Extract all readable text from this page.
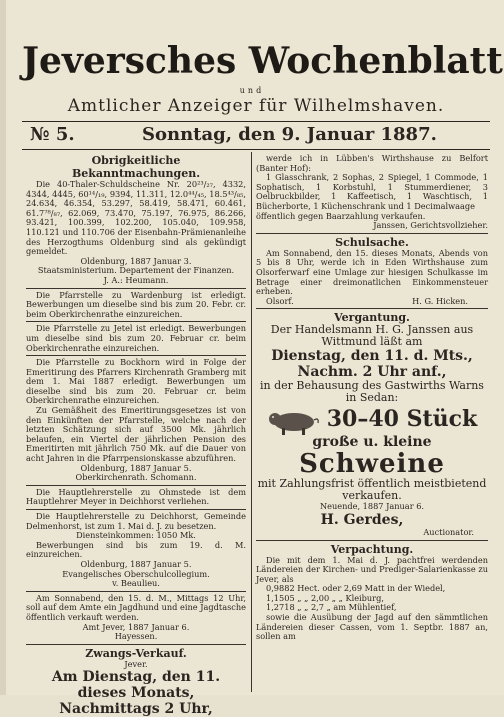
Jeversches Wochenblatt
und
Amtlicher Anzeiger für Wilhelmshaven.
№ 5.	Sonntag, den 9. Januar 1887.
Obrigkeitliche Bekanntmachungen.
Die 40-Thaler-Schuldscheine Nr. 20²³/₂₇, 4332, 4344, 4445, 60¹⁴/₁₉, 9394, 11.311, 12.0⁴⁴/₄₅, 18.5⁴³/₈₅, 24.634, 46.354, 53.297, 58.419, 58.471, 60.461, 61.7⁷⁸/₈₇, 62.069, 73.470, 75.197, 76.975, 86.266, 93.421, 100.399, 102.200, 105.040, 109.958, 110.121 und 110.706 der Eisenbahn-Prämienanleihe des Herzogthums Oldenburg sind als gekündigt gemeldet.
Oldenburg, 1887 Januar 3.
Staatsministerium. Departement der Finanzen.
J. A.: Heumann.
Die Pfarrstelle zu Wardenburg ist erledigt. Bewerbungen um dieselbe sind bis zum 20. Febr. cr. beim Oberkirchenrathe einzureichen.
Die Pfarrstelle zu Jetel ist erledigt. Bewerbungen um dieselbe sind bis zum 20. Februar cr. beim Oberkirchenrathe einzureichen.
Die Pfarrstelle zu Bockhorn wird in Folge der Emeritirung des Pfarrers Kirchenrath Gramberg mit dem 1. Mai 1887 erledigt. Bewerbungen um dieselbe sind bis zum 20. Februar cr. beim Oberkirchenrathe einzureichen.
Zu Gemäßheit des Emeritirungsgesetzes ist von den Einkünften der Pfarrstelle, welche nach der letzten Schätzung sich auf 3500 Mk. jährlich belaufen, ein Viertel der jährlichen Pension des Emeritirten mit jährlich 750 Mk. auf die Dauer von acht Jahren in die Pfarrpensionskasse abzuführen.
Oldenburg, 1887 Januar 5.
Oberkirchenrath. Schomann.
Die Hauptlehrerstelle zu Ohmstede ist dem Hauptlehrer Meyer in Deichhorst verliehen.
Die Hauptlehrerstelle zu Deichhorst, Gemeinde Delmenhorst, ist zum 1. Mai d. J. zu besetzen.
Diensteinkommen: 1050 Mk.
Bewerbungen sind bis zum 19. d. M. einzureichen.
Oldenburg, 1887 Januar 5.
Evangelisches Oberschulcollegium.
v. Beaulieu.
Am Sonnabend, den 15. d. M., Mittags 12 Uhr, soll auf dem Amte ein Jagdhund und eine Jagdtasche öffentlich verkauft werden.
Amt Jever, 1887 Januar 6.
Hayessen.
Zwangs-Verkauf.
Jever.
Am Dienstag, den 11. dieses Monats, Nachmittags 2 Uhr,
werde ich in Lübben's Wirthshause zu Belfort (Banter Hof):
1 Glasschrank, 2 Sophas, 2 Spiegel, 1 Commode, 1 Sophatisch, 1 Korbstuhl, 1 Stummerdiener, 3 Oelbruckbilder, 1 Kaffeetisch, 1 Waschtisch, 1 Bücherborte, 1 Küchenschrank und 1 Decimalwaage
öffentlich gegen Baarzahlung verkaufen.
Janssen, Gerichtsvollzieher.
Schulsache.
Am Sonnabend, den 15. dieses Monats, Abends von 5 bis 8 Uhr, werde ich in Eden Wirthshause zum Olsorferwarf eine Umlage zur hiesigen Schulkasse im Betrage einer dreimonatlichen Einkommensteuer erheben.
Olsorf.	H. G. Hicken.
Vergantung.
Der Handelsmann H. G. Janssen aus Wittmund läßt am
Dienstag, den 11. d. Mts.,
Nachm. 2 Uhr anf.,
in der Behausung des Gastwirths Warns in Sedan:
30–40 Stück
große u. kleine
Schweine
mit Zahlungsfrist öffentlich meistbietend verkaufen.
Neuende, 1887 Januar 6.
H. Gerdes,
Auctionator.
Verpachtung.
Die mit dem 1. Mai d. J. pachtfrei werdenden Ländereien der Kirchen- und Prediger-Salarienkasse zu Jever, als
0,9882 Hect. oder 2,69 Matt in der Wiedel,
1,1505 „ „ 2,00 „ „ Kleiburg,
1,2718 „ „ 2,7 „ am Mühlentief,
sowie die Ausübung der Jagd auf den sämmtlichen Ländereien dieser Cassen, vom 1. Septbr. 1887 an, sollen am
